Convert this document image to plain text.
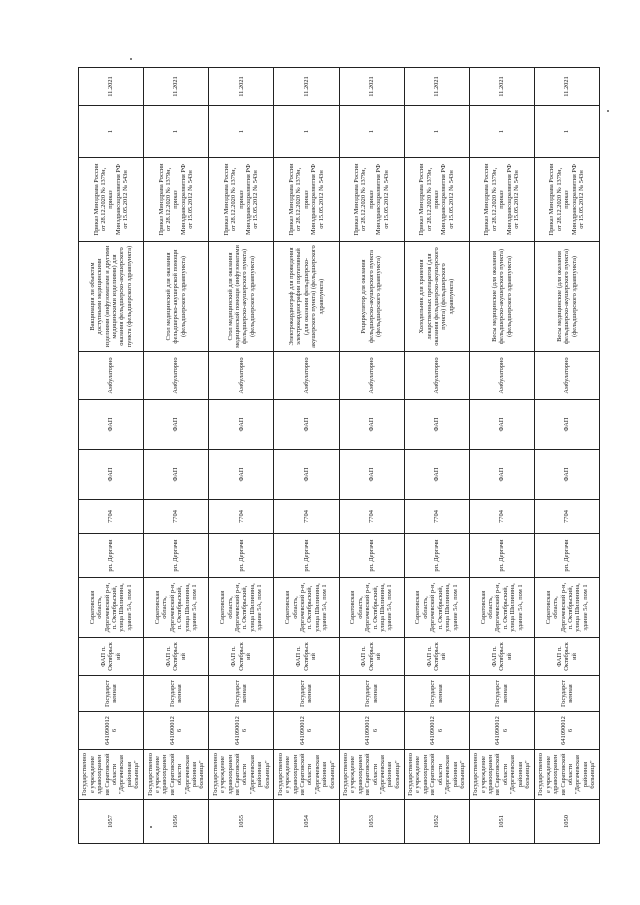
1057	Государственное учреждение здравоохранения Саратовской области "Дергачевская районная больница"	6410900126	Государственная	ФАП п. Октябрьский	Саратовская область, Дергачевский р-н, п. Октябрьский, улица Шилинина, здание 5А, пом 1	рп. Дергачи	7704	ФАП	ФАП	Амбулаторно	Вакцинация ли объектам доступными медицинскими изделиями (инфузоматами и другими медицинскими изделиями) для оказания фельдшерско-акушерского пункта (фельдшерского здравпункта)	Приказ Минздрава России от 28.12.2020 № 1379н, приказ Минздравсоцразвития РФ от 15.05.2012 № 543н	1	11.2021
1056	Государственное учреждение здравоохранения Саратовской области "Дергачевская районная больница"	6410900126	Государственная	ФАП п. Октябрьский	Саратовская область, Дергачевский р-н, п. Октябрьский, улица Шилинина, здание 5А, пом 1	рп. Дергачи	7704	ФАП	ФАП	Амбулаторно	Стол медицинский для оказания фельдшерско-акушерской помощи (фельдшерского здравпункта)	Приказ Минздрава России от 28.12.2020 № 1379н, приказ Минздравсоцразвития РФ от 15.05.2012 № 543н	1	11.2021
1055	Государственное учреждение здравоохранения Саратовской области "Дергачевская районная больница"	6410900126	Государственная	ФАП п. Октябрьский	Саратовская область, Дергачевский р-н, п. Октябрьский, улица Шилинина, здание 5А, пом 1	рп. Дергачи	7704	ФАП	ФАП	Амбулаторно	Стол медицинский для оказания медицинской помощи (инфузоматами фельдшерско-акушерского пункта) (фельдшерского здравпункта)	Приказ Минздрава России от 28.12.2020 № 1379н, приказ Минздравсоцразвития РФ от 15.05.2012 № 543н	1	11.2021
1054	Государственное учреждение здравоохранения Саратовской области "Дергачевская районная больница"	6410900126	Государственная	ФАП п. Октябрьский	Саратовская область, Дергачевский р-н, п. Октябрьский, улица Шилинина, здание 5А, пом 1	рп. Дергачи	7704	ФАП	ФАП	Амбулаторно	Электрокардиограф для проведения электрокардиографии портативный (для оказания фельдшерско-акушерского пункта) (фельдшерского здравпункта)	Приказ Минздрава России от 28.12.2020 № 1379н, приказ Минздравсоцразвития РФ от 15.05.2012 № 543н	1	11.2021
1053	Государственное учреждение здравоохранения Саратовской области "Дергачевская районная больница"	6410900126	Государственная	ФАП п. Октябрьский	Саратовская область, Дергачевский р-н, п. Октябрьский, улица Шилинина, здание 5А, пом 1	рп. Дергачи	7704	ФАП	ФАП	Амбулаторно	Рециркулятор для оказания фельдшерско-акушерского пункта (фельдшерского здравпункта)	Приказ Минздрава России от 28.12.2020 № 1379н, приказ Минздравсоцразвития РФ от 15.05.2012 № 543н	1	11.2021
1052	Государственное учреждение здравоохранения Саратовской области "Дергачевская районная больница"	6410900126	Государственная	ФАП п. Октябрьский	Саратовская область, Дергачевский р-н, п. Октябрьский, улица Шилинина, здание 5А, пом 1	рп. Дергачи	7704	ФАП	ФАП	Амбулаторно	Холодильник для хранения лекарственных препаратов (для оказания фельдшерско-акушерского пункта) (фельдшерского здравпункта)	Приказ Минздрава России от 28.12.2020 № 1379н, приказ Минздравсоцразвития РФ от 15.05.2012 № 543н	1	11.2021
1051	Государственное учреждение здравоохранения Саратовской области "Дергачевская районная больница"	6410900126	Государственная	ФАП п. Октябрьский	Саратовская область, Дергачевский р-н, п. Октябрьский, улица Шилинина, здание 5А, пом 1	рп. Дергачи	7704	ФАП	ФАП	Амбулаторно	Весы медицинские (для оказания фельдшерско-акушерского пункта) (фельдшерского здравпункта)	Приказ Минздрава России от 28.12.2020 № 1379н, приказ Минздравсоцразвития РФ от 15.05.2012 № 543н	1	11.2021
1050	Государственное учреждение здравоохранения Саратовской области "Дергачевская районная больница"	6410900126	Государственная	ФАП п. Октябрьский	Саратовская область, Дергачевский р-н, п. Октябрьский, улица Шилинина, здание 5А, пом 1	рп. Дергачи	7704	ФАП	ФАП	Амбулаторно	Весы медицинские (для оказания фельдшерско-акушерского пункта) (фельдшерского здравпункта)	Приказ Минздрава России от 28.12.2020 № 1379н, приказ Минздравсоцразвития РФ от 15.05.2012 № 543н	1	11.2021
